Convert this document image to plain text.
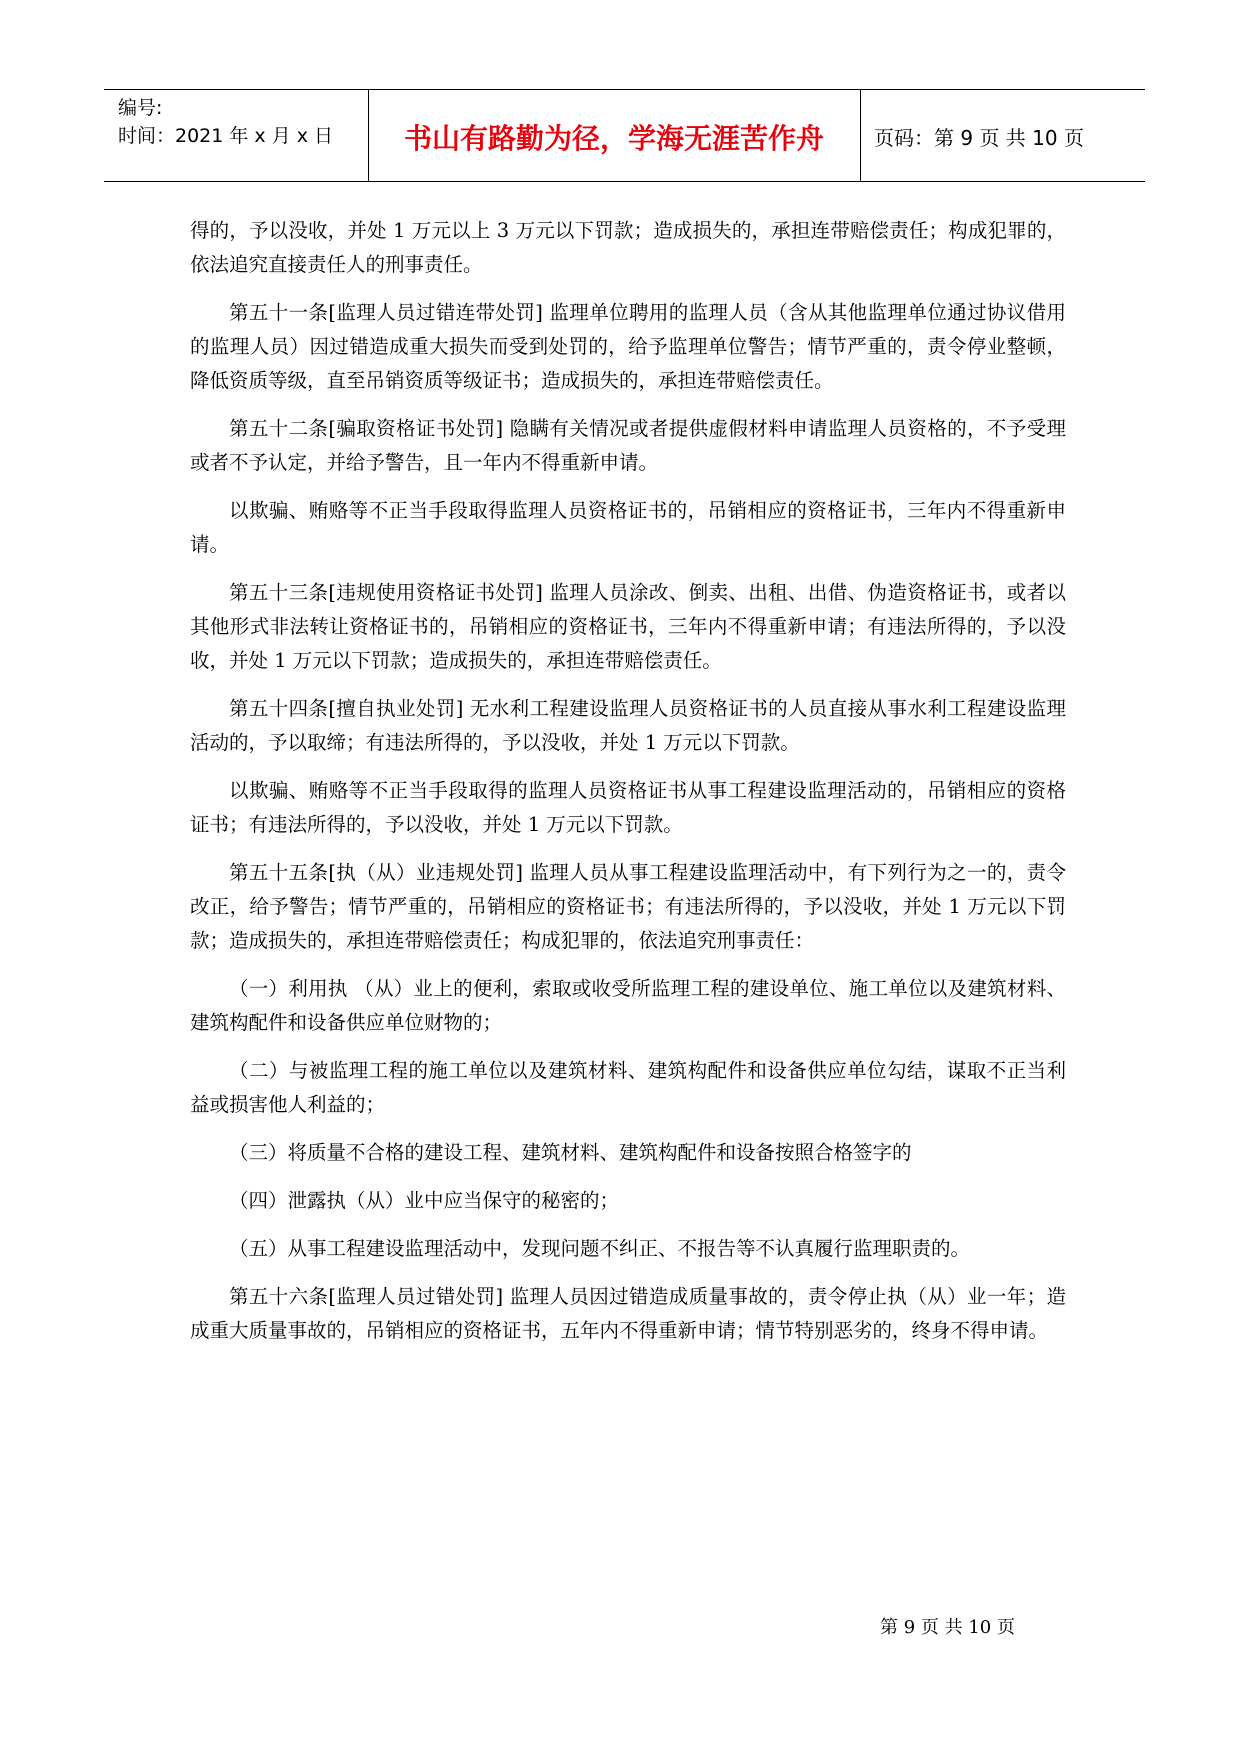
编号:
时间：2021 年 x 月 x 日	书山有路勤为径，学海无涯苦作舟	页码：第 9 页 共 10 页

得的，予以没收，并处 1 万元以上 3 万元以下罚款；造成损失的，承担连带赔偿责任；构成犯罪的，依法追究直接责任人的刑事责任。

第五十一条[监理人员过错连带处罚] 监理单位聘用的监理人员（含从其他监理单位通过协议借用的监理人员）因过错造成重大损失而受到处罚的，给予监理单位警告；情节严重的，责令停业整顿，降低资质等级，直至吊销资质等级证书；造成损失的，承担连带赔偿责任。

第五十二条[骗取资格证书处罚] 隐瞒有关情况或者提供虚假材料申请监理人员资格的，不予受理或者不予认定，并给予警告，且一年内不得重新申请。

以欺骗、贿赂等不正当手段取得监理人员资格证书的，吊销相应的资格证书，三年内不得重新申请。

第五十三条[违规使用资格证书处罚] 监理人员涂改、倒卖、出租、出借、伪造资格证书，或者以其他形式非法转让资格证书的，吊销相应的资格证书，三年内不得重新申请；有违法所得的，予以没收，并处 1 万元以下罚款；造成损失的，承担连带赔偿责任。

第五十四条[擅自执业处罚] 无水利工程建设监理人员资格证书的人员直接从事水利工程建设监理活动的，予以取缔；有违法所得的，予以没收，并处 1 万元以下罚款。

以欺骗、贿赂等不正当手段取得的监理人员资格证书从事工程建设监理活动的，吊销相应的资格证书；有违法所得的，予以没收，并处 1 万元以下罚款。

第五十五条[执（从）业违规处罚] 监理人员从事工程建设监理活动中，有下列行为之一的，责令改正，给予警告；情节严重的，吊销相应的资格证书；有违法所得的，予以没收，并处 1 万元以下罚款；造成损失的，承担连带赔偿责任；构成犯罪的，依法追究刑事责任：

（一）利用执 （从）业上的便利，索取或收受所监理工程的建设单位、施工单位以及建筑材料、建筑构配件和设备供应单位财物的；

（二）与被监理工程的施工单位以及建筑材料、建筑构配件和设备供应单位勾结，谋取不正当利益或损害他人利益的；

（三）将质量不合格的建设工程、建筑材料、建筑构配件和设备按照合格签字的

（四）泄露执（从）业中应当保守的秘密的；

（五）从事工程建设监理活动中，发现问题不纠正、不报告等不认真履行监理职责的。

第五十六条[监理人员过错处罚] 监理人员因过错造成质量事故的，责令停止执（从）业一年；造成重大质量事故的，吊销相应的资格证书，五年内不得重新申请；情节特别恶劣的，终身不得申请。

第 9 页 共 10 页
